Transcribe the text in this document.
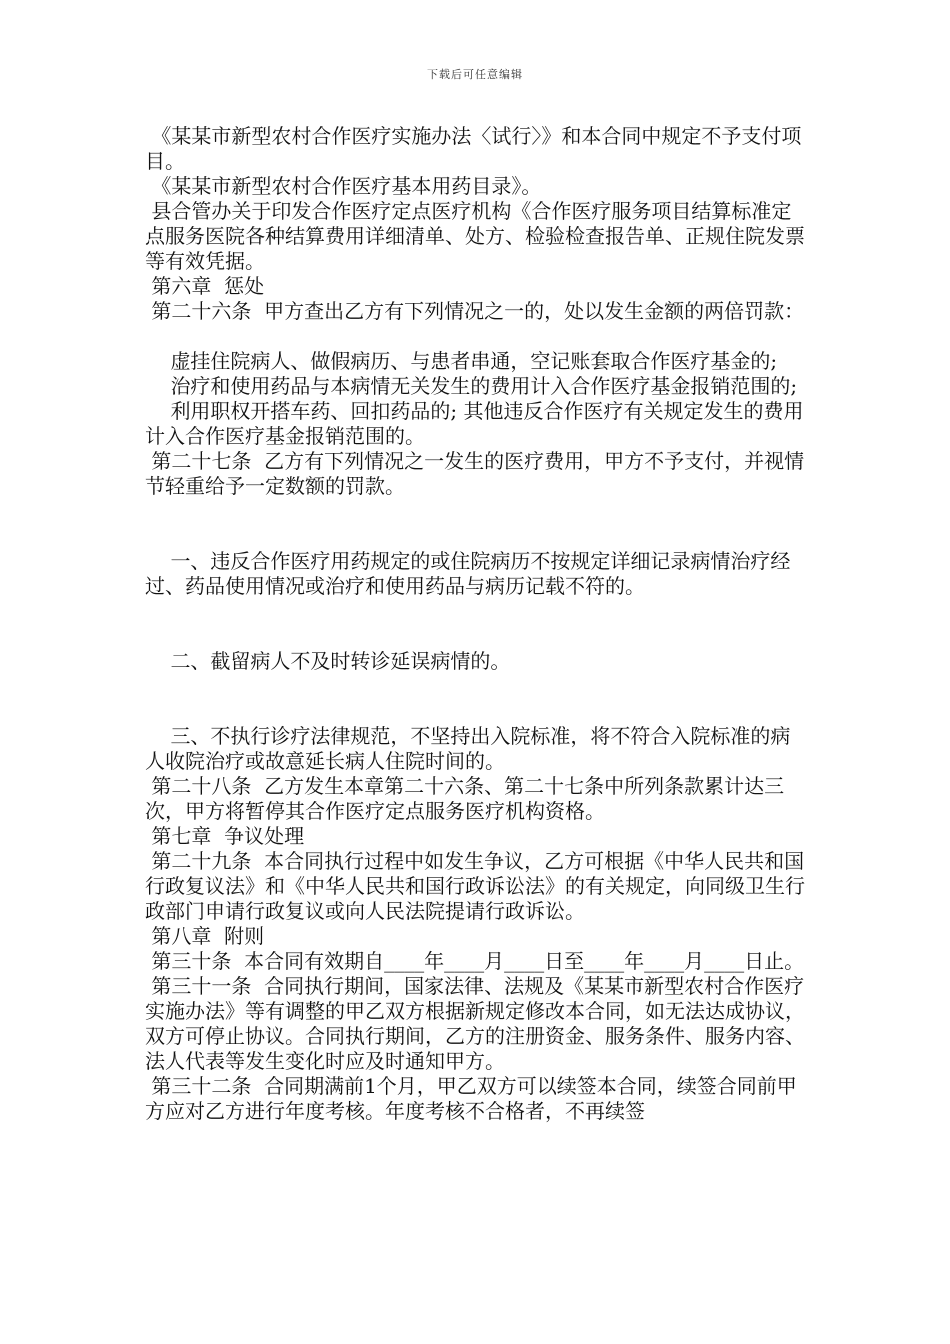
下载后可任意编辑

《某某市新型农村合作医疗实施办法〈试行〉》和本合同中规定不予支付项目。

《某某市新型农村合作医疗基本用药目录》。

县合管办关于印发合作医疗定点医疗机构《合作医疗服务项目结算标准定点服务医院各种结算费用详细清单、处方、检验检查报告单、正规住院发票等有效凭据。

第六章  惩处

第二十六条  甲方查出乙方有下列情况之一的，处以发生金额的两倍罚款：

虚挂住院病人、做假病历、与患者串通，空记账套取合作医疗基金的;

治疗和使用药品与本病情无关发生的费用计入合作医疗基金报销范围的;

利用职权开搭车药、回扣药品的; 其他违反合作医疗有关规定发生的费用计入合作医疗基金报销范围的。

第二十七条  乙方有下列情况之一发生的医疗费用，甲方不予支付，并视情节轻重给予一定数额的罚款。

一、违反合作医疗用药规定的或住院病历不按规定详细记录病情治疗经过、药品使用情况或治疗和使用药品与病历记载不符的。

二、截留病人不及时转诊延误病情的。

三、不执行诊疗法律规范，不坚持出入院标准，将不符合入院标准的病人收院治疗或故意延长病人住院时间的。

第二十八条  乙方发生本章第二十六条、第二十七条中所列条款累计达三次，甲方将暂停其合作医疗定点服务医疗机构资格。

第七章  争议处理

第二十九条  本合同执行过程中如发生争议，乙方可根据《中华人民共和国行政复议法》和《中华人民共和国行政诉讼法》的有关规定，向同级卫生行政部门申请行政复议或向人民法院提请行政诉讼。

第八章  附则

第三十条  本合同有效期自____年____月____日至____年____月____日止。

第三十一条  合同执行期间，国家法律、法规及《某某市新型农村合作医疗实施办法》等有调整的甲乙双方根据新规定修改本合同，如无法达成协议，双方可停止协议。合同执行期间，乙方的注册资金、服务条件、服务内容、法人代表等发生变化时应及时通知甲方。

第三十二条  合同期满前1个月，甲乙双方可以续签本合同，续签合同前甲方应对乙方进行年度考核。年度考核不合格者，不再续签
